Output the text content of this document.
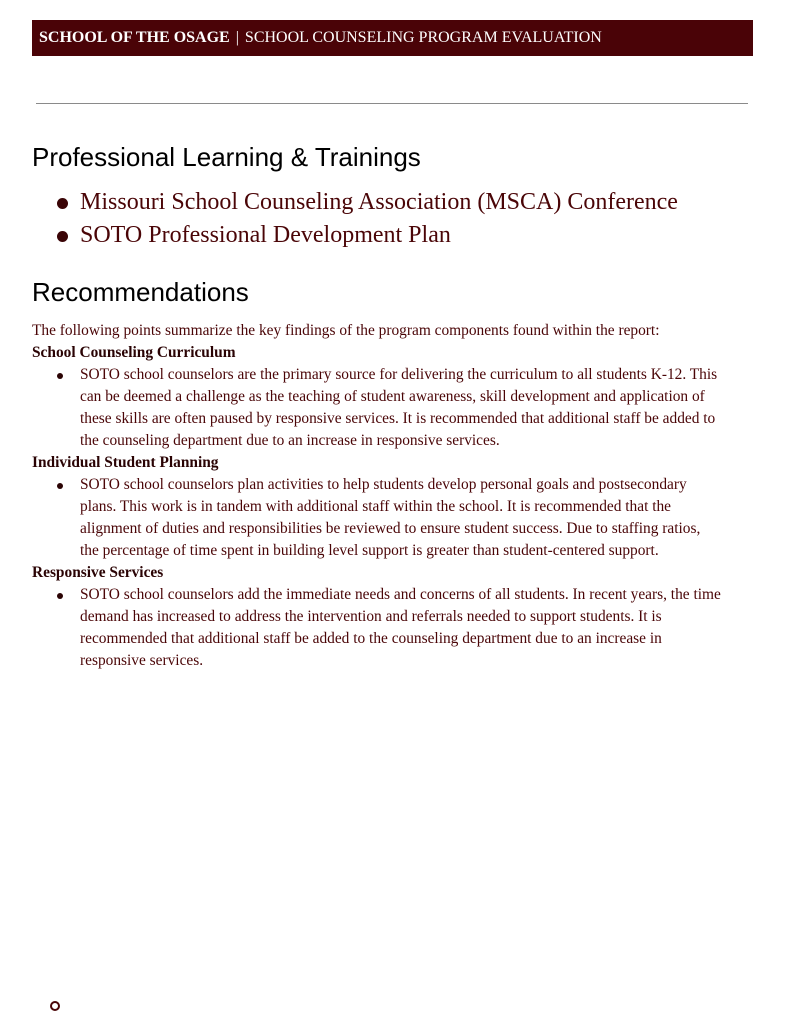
SCHOOL OF THE OSAGE | SCHOOL COUNSELING PROGRAM EVALUATION
Professional Learning & Trainings
Missouri School Counseling Association (MSCA) Conference
SOTO Professional Development Plan
Recommendations

The following points summarize the key findings of the program components found within the report:

School Counseling Curriculum

SOTO school counselors are the primary source for delivering the curriculum to all students K-12. This
can be deemed a challenge as the teaching of student awareness, skill development and application of
these skills are often paused by responsive services. It is recommended that additional staff be added to
the counseling department due to an increase in responsive services.

Individual Student Planning

SOTO school counselors plan activities to help students develop personal goals and postsecondary
plans. This work is in tandem with additional staff within the school. It is recommended that the
alignment of duties and responsibilities be reviewed to ensure student success. Due to staffing ratios,
the percentage of time spent in building level support is greater than student-centered support.

Responsive Services

SOTO school counselors add the immediate needs and concerns of all students. In recent years, the time
demand has increased to address the intervention and referrals needed to support students. It is
recommended that additional staff be added to the counseling department due to an increase in
responsive services.
